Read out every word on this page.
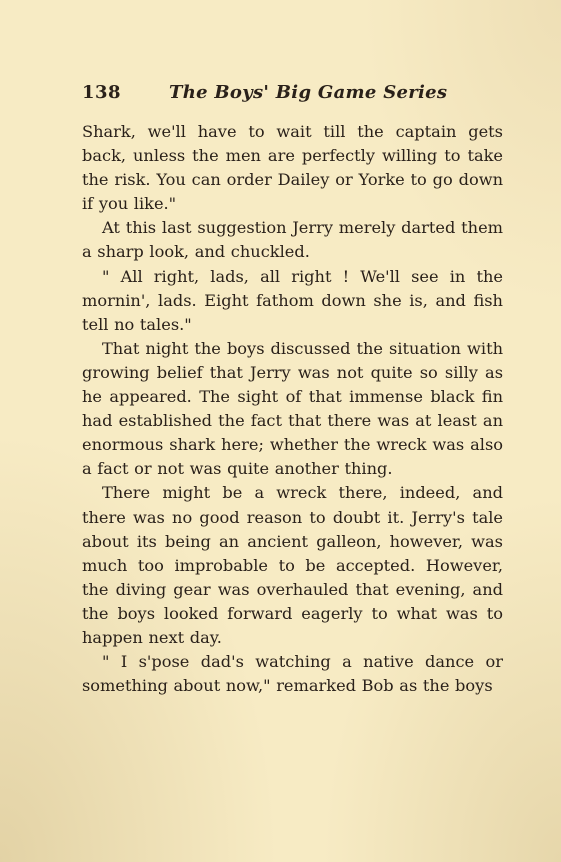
138	The Boys' Big Game Series

Shark, we'll have to wait till the captain gets back, unless the men are perfectly willing to take the risk. You can order Dailey or Yorke to go down if you like."

At this last suggestion Jerry merely darted them a sharp look, and chuckled.

" All right, lads, all right ! We'll see in the mornin', lads. Eight fathom down she is, and fish tell no tales."

That night the boys discussed the situation with growing belief that Jerry was not quite so silly as he appeared. The sight of that immense black fin had established the fact that there was at least an enormous shark here; whether the wreck was also a fact or not was quite another thing.

There might be a wreck there, indeed, and there was no good reason to doubt it. Jerry's tale about its being an ancient galleon, however, was much too improbable to be accepted. However, the diving gear was overhauled that evening, and the boys looked forward eagerly to what was to happen next day.

" I s'pose dad's watching a native dance or something about now," remarked Bob as the boys
